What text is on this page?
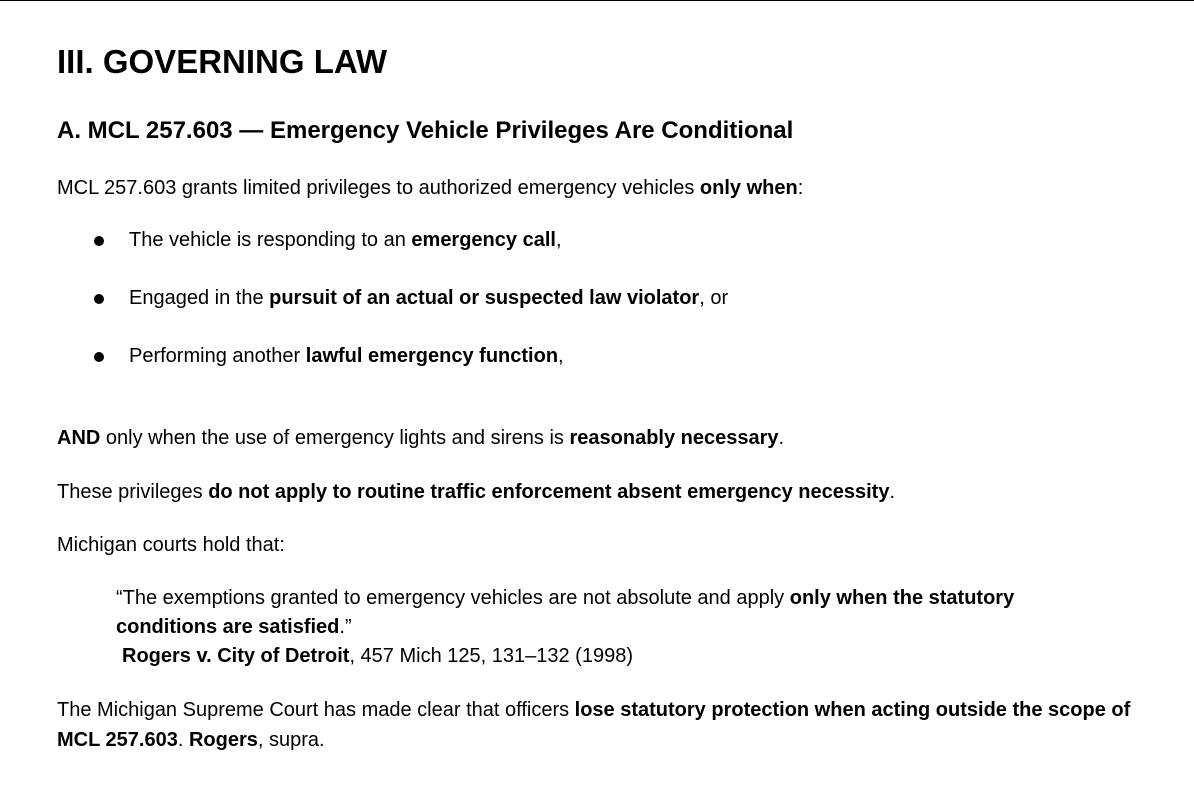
III. GOVERNING LAW
A. MCL 257.603 — Emergency Vehicle Privileges Are Conditional

MCL 257.603 grants limited privileges to authorized emergency vehicles only when:

The vehicle is responding to an emergency call,
Engaged in the pursuit of an actual or suspected law violator, or
Performing another lawful emergency function,

AND only when the use of emergency lights and sirens is reasonably necessary.

These privileges do not apply to routine traffic enforcement absent emergency necessity.

Michigan courts hold that:

“The exemptions granted to emergency vehicles are not absolute and apply only when the statutory conditions are satisfied.”

Rogers v. City of Detroit, 457 Mich 125, 131–132 (1998)

The Michigan Supreme Court has made clear that officers lose statutory protection when acting outside the scope of MCL 257.603. Rogers, supra.
